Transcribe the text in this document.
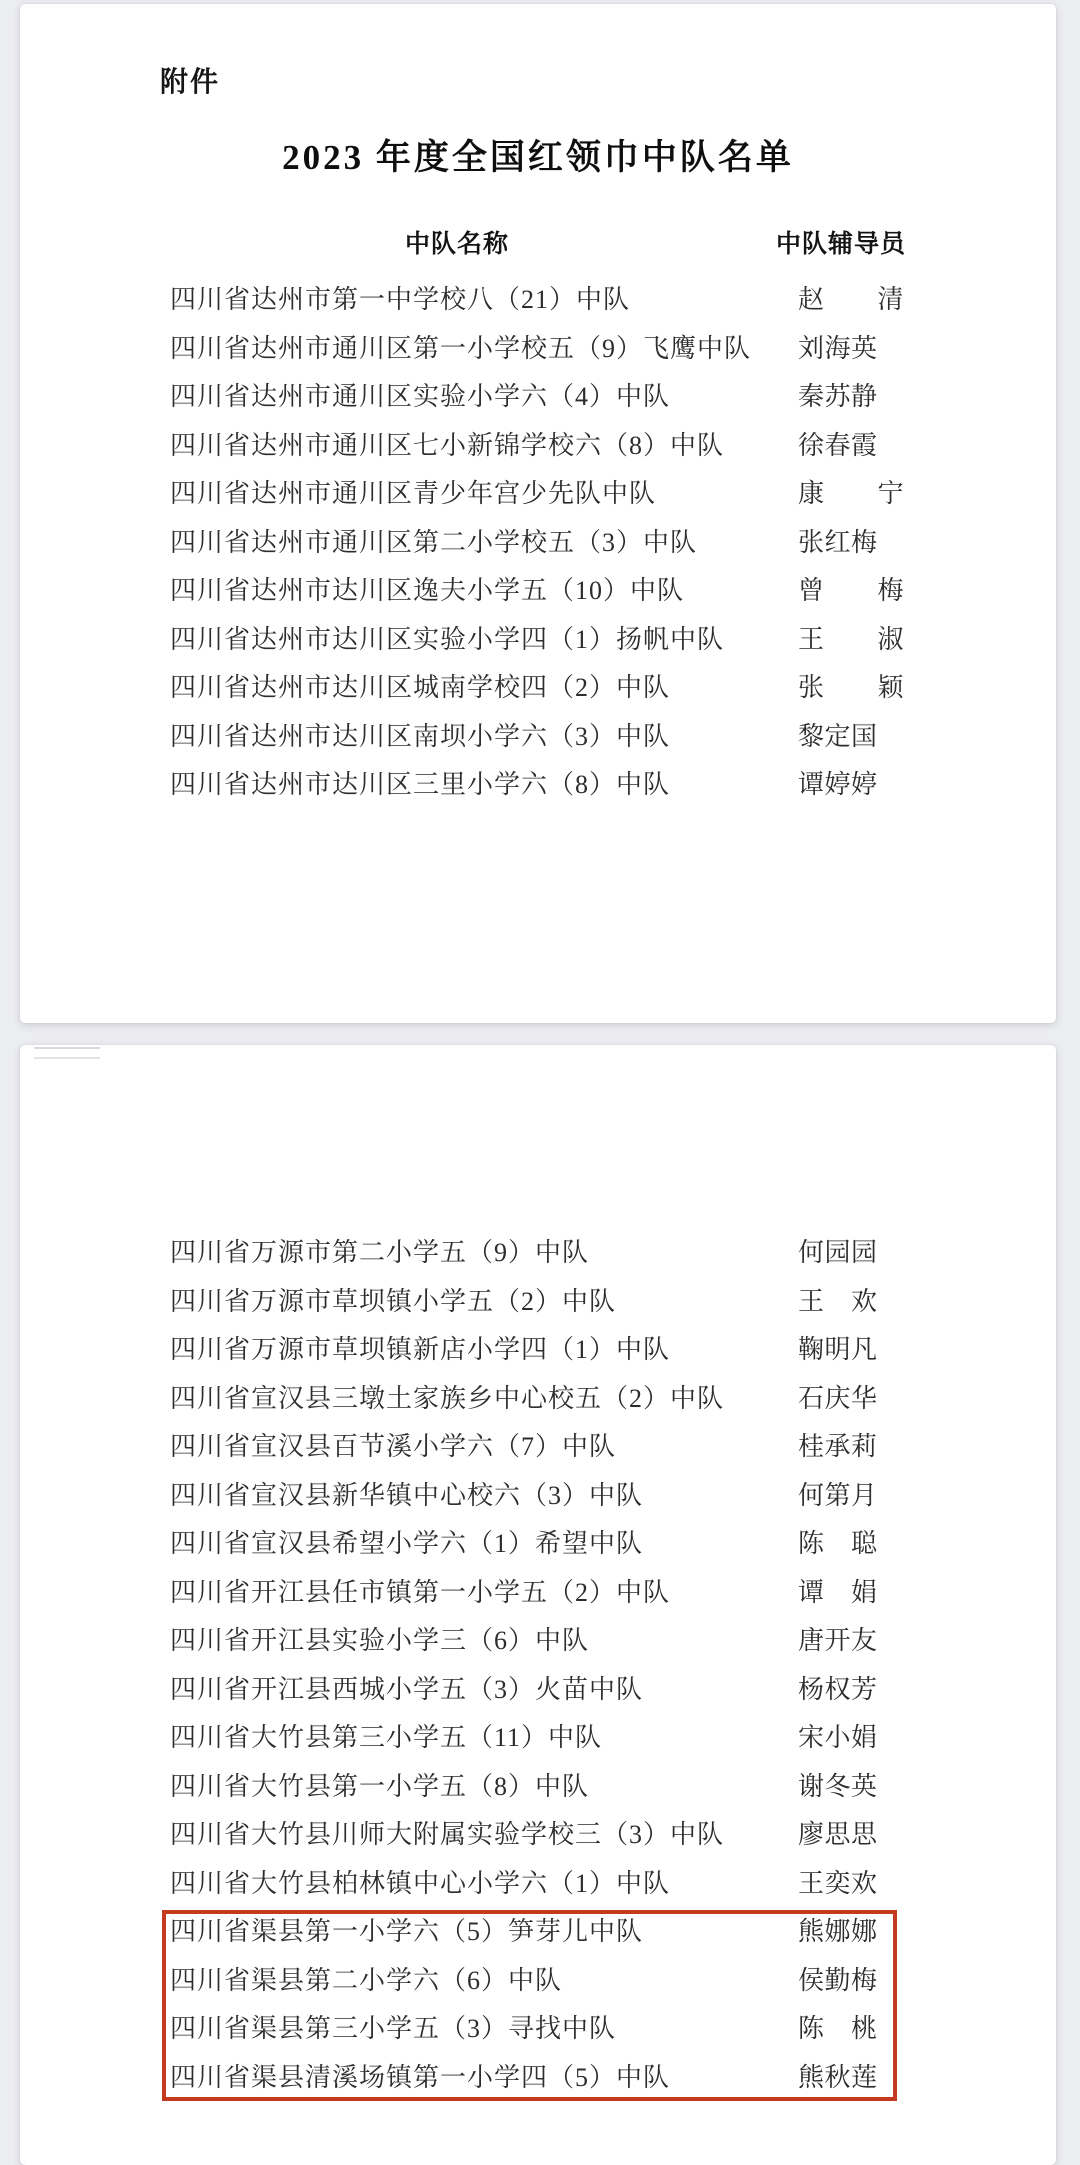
附件
2023 年度全国红领巾中队名单
中队名称	中队辅导员
四川省达州市第一中学校八（21）中队	赵　　清
四川省达州市通川区第一小学校五（9）飞鹰中队 刘海英
四川省达州市通川区实验小学六（4）中队	秦苏静
四川省达州市通川区七小新锦学校六（8）中队	徐春霞
四川省达州市通川区青少年宫少先队中队	康　　宁
四川省达州市通川区第二小学校五（3）中队	张红梅
四川省达州市达川区逸夫小学五（10）中队	曾　　梅
四川省达州市达川区实验小学四（1）扬帆中队	王　　淑
四川省达州市达川区城南学校四（2）中队	张　　颖
四川省达州市达川区南坝小学六（3）中队	黎定国
四川省达州市达川区三里小学六（8）中队	谭婷婷
四川省万源市第二小学五（9）中队	何园园
四川省万源市草坝镇小学五（2）中队	王　欢
四川省万源市草坝镇新店小学四（1）中队	鞠明凡
四川省宣汉县三墩土家族乡中心校五（2）中队	石庆华
四川省宣汉县百节溪小学六（7）中队	桂承莉
四川省宣汉县新华镇中心校六（3）中队	何第月
四川省宣汉县希望小学六（1）希望中队	陈　聪
四川省开江县任市镇第一小学五（2）中队	谭　娟
四川省开江县实验小学三（6）中队	唐开友
四川省开江县西城小学五（3）火苗中队	杨权芳
四川省大竹县第三小学五（11）中队	宋小娟
四川省大竹县第一小学五（8）中队	谢冬英
四川省大竹县川师大附属实验学校三（3）中队	廖思思
四川省大竹县柏林镇中心小学六（1）中队	王奕欢
四川省渠县第一小学六（5）笋芽儿中队	熊娜娜
四川省渠县第二小学六（6）中队	侯勤梅
四川省渠县第三小学五（3）寻找中队	陈　桃
四川省渠县清溪场镇第一小学四（5）中队	熊秋莲
